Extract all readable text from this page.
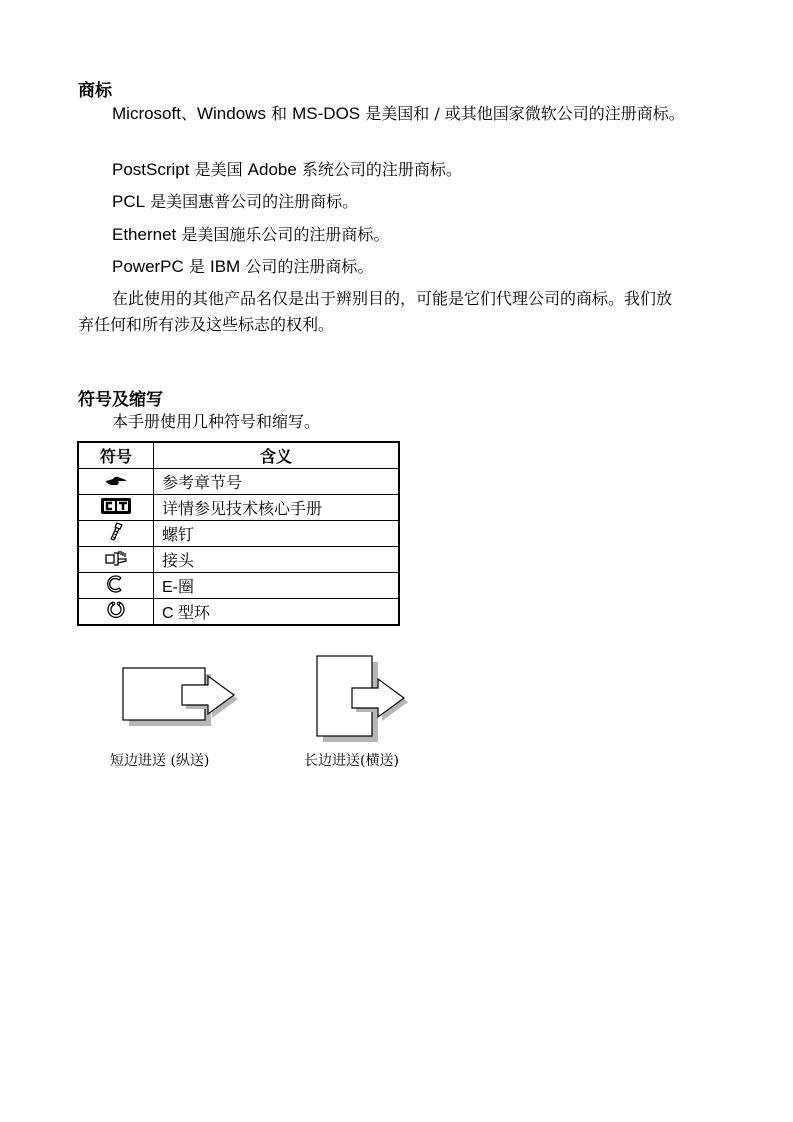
商标
Microsoft、Windows 和 MS-DOS 是美国和 / 或其他国家微软公司的注册商标。
PostScript 是美国 Adobe 系统公司的注册商标。
PCL 是美国惠普公司的注册商标。
Ethernet 是美国施乐公司的注册商标。
PowerPC 是 IBM 公司的注册商标。
在此使用的其他产品名仅是出于辨别目的，可能是它们代理公司的商标。我们放弃任何和所有涉及这些标志的权利。
符号及缩写
本手册使用几种符号和缩写。
符号	含义
	参考章节号
	详情参见技术核心手册
	螺钉
	接头
	E-圈
	C 型环
短边进送 (纵送)	长边进送(横送)
